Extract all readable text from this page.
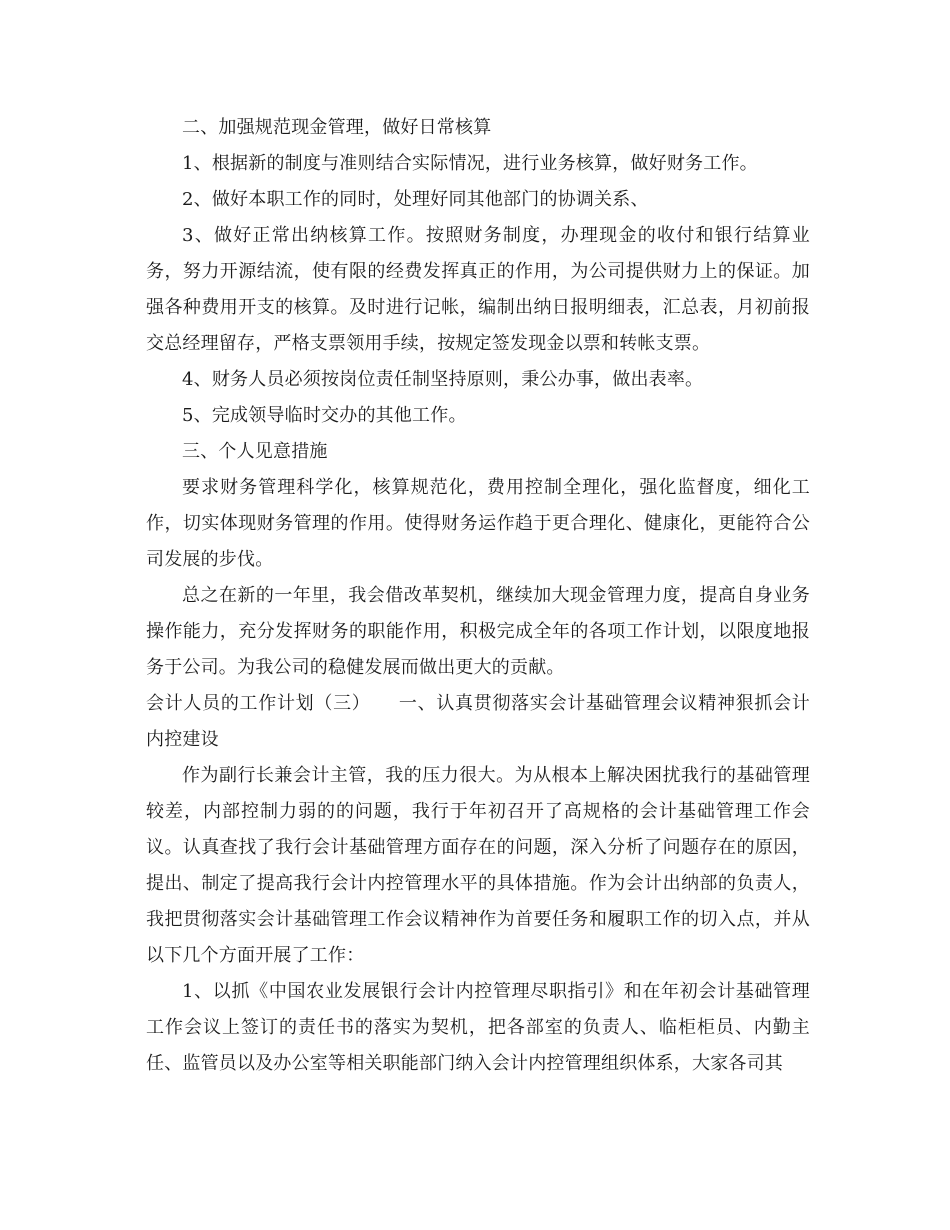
二、加强规范现金管理，做好日常核算

1、根据新的制度与准则结合实际情况，进行业务核算，做好财务工作。

2、做好本职工作的同时，处理好同其他部门的协调关系、

3、做好正常出纳核算工作。按照财务制度，办理现金的收付和银行结算业务，努力开源结流，使有限的经费发挥真正的作用，为公司提供财力上的保证。加强各种费用开支的核算。及时进行记帐，编制出纳日报明细表，汇总表，月初前报交总经理留存，严格支票领用手续，按规定签发现金以票和转帐支票。

4、财务人员必须按岗位责任制坚持原则，秉公办事，做出表率。

5、完成领导临时交办的其他工作。

三、个人见意措施

要求财务管理科学化，核算规范化，费用控制全理化，强化监督度，细化工作，切实体现财务管理的作用。使得财务运作趋于更合理化、健康化，更能符合公司发展的步伐。

总之在新的一年里，我会借改革契机，继续加大现金管理力度，提高自身业务操作能力，充分发挥财务的职能作用，积极完成全年的各项工作计划，以限度地报务于公司。为我公司的稳健发展而做出更大的贡献。

会计人员的工作计划（三）　　一、认真贯彻落实会计基础管理会议精神狠抓会计内控建设

作为副行长兼会计主管，我的压力很大。为从根本上解决困扰我行的基础管理较差，内部控制力弱的的问题，我行于年初召开了高规格的会计基础管理工作会议。认真查找了我行会计基础管理方面存在的问题，深入分析了问题存在的原因，提出、制定了提高我行会计内控管理水平的具体措施。作为会计出纳部的负责人，我把贯彻落实会计基础管理工作会议精神作为首要任务和履职工作的切入点，并从以下几个方面开展了工作：

1、以抓《中国农业发展银行会计内控管理尽职指引》和在年初会计基础管理工作会议上签订的责任书的落实为契机，把各部室的负责人、临柜柜员、内勤主任、监管员以及办公室等相关职能部门纳入会计内控管理组织体系，大家各司其
